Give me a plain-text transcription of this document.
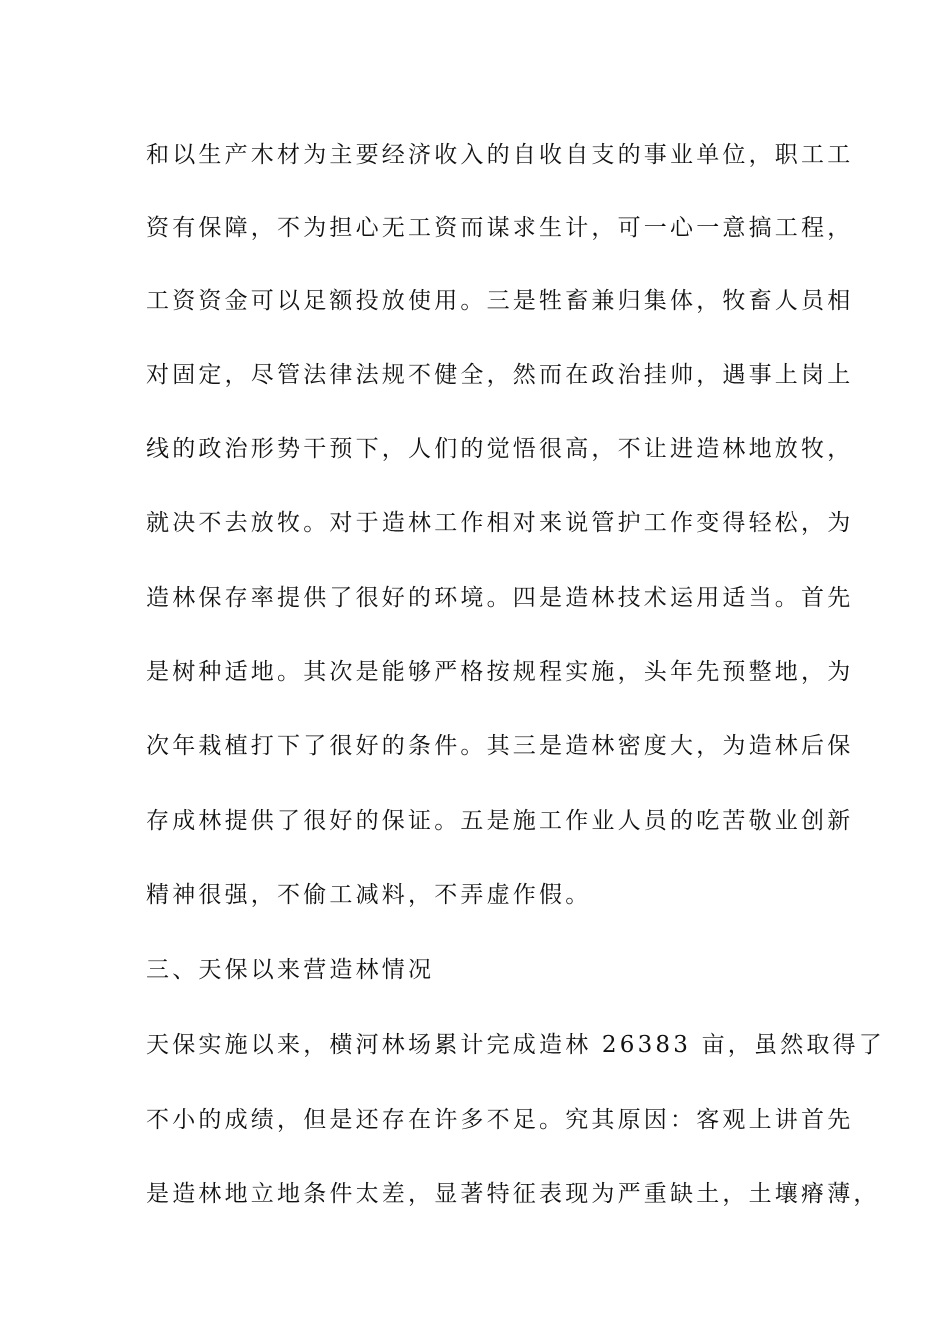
和以生产木材为主要经济收入的自收自支的事业单位，职工工
资有保障，不为担心无工资而谋求生计，可一心一意搞工程，
工资资金可以足额投放使用。三是牲畜兼归集体，牧畜人员相
对固定，尽管法律法规不健全，然而在政治挂帅，遇事上岗上
线的政治形势干预下，人们的觉悟很高，不让进造林地放牧，
就决不去放牧。对于造林工作相对来说管护工作变得轻松，为
造林保存率提供了很好的环境。四是造林技术运用适当。首先
是树种适地。其次是能够严格按规程实施，头年先预整地，为
次年栽植打下了很好的条件。其三是造林密度大，为造林后保
存成林提供了很好的保证。五是施工作业人员的吃苦敬业创新
精神很强，不偷工减料，不弄虚作假。
三、天保以来营造林情况
天保实施以来，横河林场累计完成造林 26383 亩，虽然取得了
不小的成绩，但是还存在许多不足。究其原因：客观上讲首先
是造林地立地条件太差，显著特征表现为严重缺土，土壤瘠薄，
